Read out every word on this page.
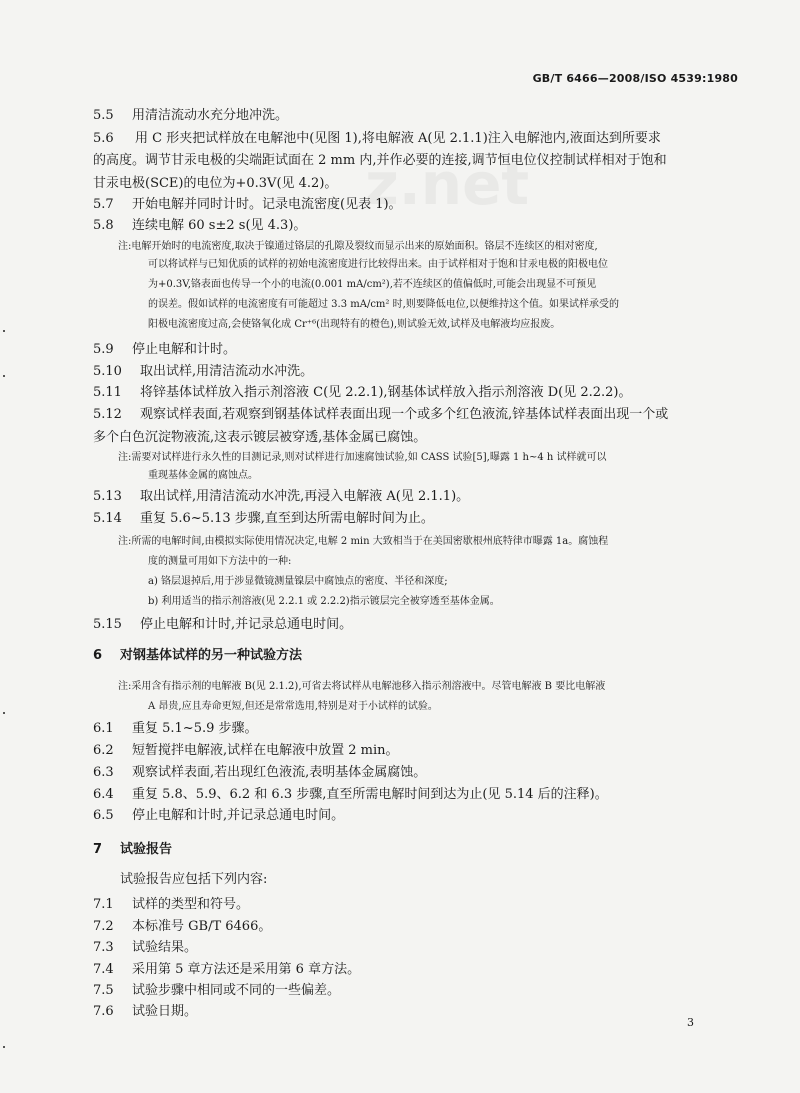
GB/T 6466—2008/ISO 4539:1980
z.net
5.5 用清洁流动水充分地冲洗。
5.6 用 C 形夹把试样放在电解池中(见图 1),将电解液 A(见 2.1.1)注入电解池内,液面达到所要求
的高度。调节甘汞电极的尖端距试面在 2 mm 内,并作必要的连接,调节恒电位仪控制试样相对于饱和
甘汞电极(SCE)的电位为+0.3V(见 4.2)。
5.7 开始电解并同时计时。记录电流密度(见表 1)。
5.8 连续电解 60 s±2 s(见 4.3)。
注:电解开始时的电流密度,取决于镍通过铬层的孔隙及裂纹而显示出来的原始面积。铬层不连续区的相对密度,
可以将试样与已知优质的试样的初始电流密度进行比较得出来。由于试样相对于饱和甘汞电极的阳极电位
为+0.3V,铬表面也传导一个小的电流(0.001 mA/cm²),若不连续区的值偏低时,可能会出现显不可预见
的误差。假如试样的电流密度有可能超过 3.3 mA/cm² 时,则要降低电位,以便维持这个值。如果试样承受的
阳极电流密度过高,会使铬氧化成 Cr⁺⁶(出现特有的橙色),则试验无效,试样及电解液均应报废。
5.9 停止电解和计时。
5.10 取出试样,用清洁流动水冲洗。
5.11 将锌基体试样放入指示剂溶液 C(见 2.2.1),钢基体试样放入指示剂溶液 D(见 2.2.2)。
5.12 观察试样表面,若观察到钢基体试样表面出现一个或多个红色液流,锌基体试样表面出现一个或
多个白色沉淀物液流,这表示镀层被穿透,基体金属已腐蚀。
注:需要对试样进行永久性的目测记录,则对试样进行加速腐蚀试验,如 CASS 试验[5],曝露 1 h~4 h 试样就可以
重现基体金属的腐蚀点。
5.13 取出试样,用清洁流动水冲洗,再浸入电解液 A(见 2.1.1)。
5.14 重复 5.6~5.13 步骤,直至到达所需电解时间为止。
注:所需的电解时间,由模拟实际使用情况决定,电解 2 min 大致相当于在美国密歇根州底特律市曝露 1a。腐蚀程
度的测量可用如下方法中的一种:
a) 铬层退掉后,用于涉显微镜测量镍层中腐蚀点的密度、半径和深度;
b) 利用适当的指示剂溶液(见 2.2.1 或 2.2.2)指示镀层完全被穿透至基体金属。
5.15 停止电解和计时,并记录总通电时间。
6 对钢基体试样的另一种试验方法
注:采用含有指示剂的电解液 B(见 2.1.2),可省去将试样从电解池移入指示剂溶液中。尽管电解液 B 要比电解液
A 昂贵,应且寿命更短,但还是常常选用,特别是对于小试样的试验。
6.1 重复 5.1~5.9 步骤。
6.2 短暂搅拌电解液,试样在电解液中放置 2 min。
6.3 观察试样表面,若出现红色液流,表明基体金属腐蚀。
6.4 重复 5.8、5.9、6.2 和 6.3 步骤,直至所需电解时间到达为止(见 5.14 后的注释)。
6.5 停止电解和计时,并记录总通电时间。
7 试验报告
试验报告应包括下列内容:
7.1 试样的类型和符号。
7.2 本标准号 GB/T 6466。
7.3 试验结果。
7.4 采用第 5 章方法还是采用第 6 章方法。
7.5 试验步骤中相同或不同的一些偏差。
7.6 试验日期。
3
